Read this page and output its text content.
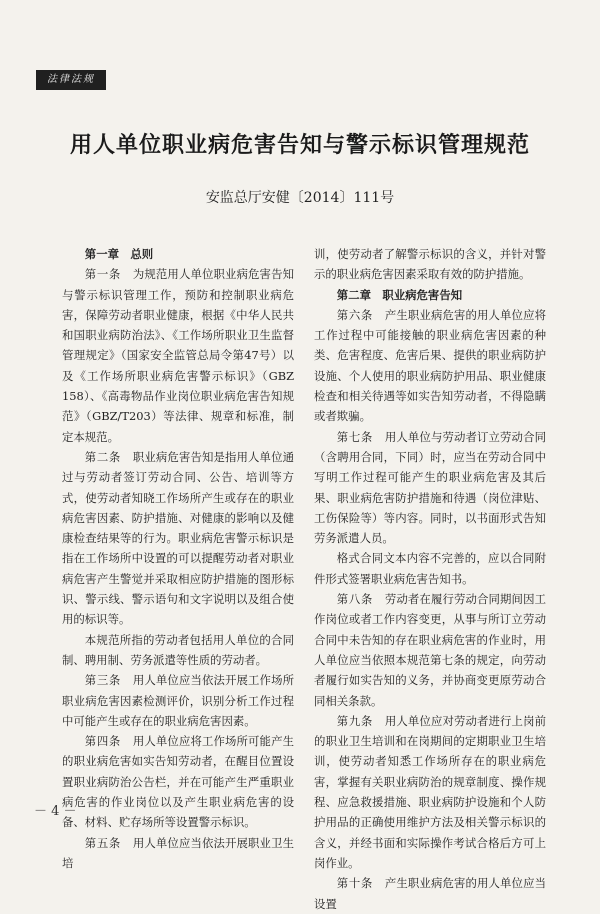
法律法规
用人单位职业病危害告知与警示标识管理规范
安监总厅安健〔2014〕111号
第一章　总则

第一条　为规范用人单位职业病危害告知与警示标识管理工作，预防和控制职业病危害，保障劳动者职业健康，根据《中华人民共和国职业病防治法》、《工作场所职业卫生监督管理规定》（国家安全监管总局令第47号）以及《工作场所职业病危害警示标识》（GBZ 158）、《高毒物品作业岗位职业病危害告知规范》（GBZ/T203）等法律、规章和标准，制定本规范。

第二条　职业病危害告知是指用人单位通过与劳动者签订劳动合同、公告、培训等方式，使劳动者知晓工作场所产生或存在的职业病危害因素、防护措施、对健康的影响以及健康检查结果等的行为。职业病危害警示标识是指在工作场所中设置的可以提醒劳动者对职业病危害产生警觉并采取相应防护措施的图形标识、警示线、警示语句和文字说明以及组合使用的标识等。

本规范所指的劳动者包括用人单位的合同制、聘用制、劳务派遣等性质的劳动者。

第三条　用人单位应当依法开展工作场所职业病危害因素检测评价，识别分析工作过程中可能产生或存在的职业病危害因素。

第四条　用人单位应将工作场所可能产生的职业病危害如实告知劳动者，在醒目位置设置职业病防治公告栏，并在可能产生严重职业病危害的作业岗位以及产生职业病危害的设备、材料、贮存场所等设置警示标识。

第五条　用人单位应当依法开展职业卫生培

训，使劳动者了解警示标识的含义，并针对警示的职业病危害因素采取有效的防护措施。

第二章　职业病危害告知

第六条　产生职业病危害的用人单位应将工作过程中可能接触的职业病危害因素的种类、危害程度、危害后果、提供的职业病防护设施、个人使用的职业病防护用品、职业健康检查和相关待遇等如实告知劳动者，不得隐瞒或者欺骗。

第七条　用人单位与劳动者订立劳动合同（含聘用合同，下同）时，应当在劳动合同中写明工作过程可能产生的职业病危害及其后果、职业病危害防护措施和待遇（岗位津贴、工伤保险等）等内容。同时，以书面形式告知劳务派遣人员。

格式合同文本内容不完善的，应以合同附件形式签署职业病危害告知书。

第八条　劳动者在履行劳动合同期间因工作岗位或者工作内容变更，从事与所订立劳动合同中未告知的存在职业病危害的作业时，用人单位应当依照本规范第七条的规定，向劳动者履行如实告知的义务，并协商变更原劳动合同相关条款。

第九条　用人单位应对劳动者进行上岗前的职业卫生培训和在岗期间的定期职业卫生培训，使劳动者知悉工作场所存在的职业病危害，掌握有关职业病防治的规章制度、操作规程、应急救援措施、职业病防护设施和个人防护用品的正确使用维护方法及相关警示标识的含义，并经书面和实际操作考试合格后方可上岗作业。

第十条　产生职业病危害的用人单位应当设置

－ 4 －
